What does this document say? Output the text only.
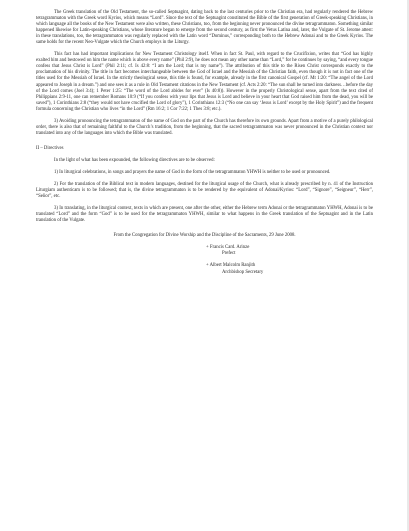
The Greek translation of the Old Testament, the so-called Septuagint, dating back to the last centuries prior to the Christian era, had regularly rendered the Hebrew tetragrammaton with the Greek word Kyrios, which means “Lord”. Since the text of the Septuagint constituted the Bible of the first generation of Greek-speaking Christians, in which language all the books of the New Testament were also written, these Christians, too, from the beginning never pronounced the divine tetragrammaton. Something similar happened likewise for Latin-speaking Christians, whose literature began to emerge from the second century, as first the Vetus Latina and, later, the Vulgate of St. Jerome attest: in these translations, too, the tetragrammaton was regularly replaced with the Latin word “Dominus,” corresponding both to the Hebrew Adonai and to the Greek Kyrios. The same holds for the recent Neo-Vulgate which the Church employs in the Liturgy.

This fact has had important implications for New Testament Christology itself. When in fact St. Paul, with regard to the Crucifixion, writes that “God has highly exalted him and bestowed on him the name which is above every name” (Phil 2:9), he does not mean any other name than “Lord,” for he continues by saying, “and every tongue confess that Jesus Christ is Lord” (Phil 2:11; cf. Is 42:8: “I am the Lord; that is my name”). The attribution of this title to the Risen Christ corresponds exactly to the proclamation of his divinity. The title in fact becomes interchangeable between the God of Israel and the Messiah of the Christian faith, even though it is not in fact one of the titles used for the Messiah of Israel. In the strictly theological sense, this title is found, for example, already in the first canonical Gospel (cf. Mt 1:20: “The angel of the Lord appeared to Joseph in a dream.”) and one sees it as a rule in Old Testament citations in the New Testament (cf. Acts 2:20: “The sun shall be turned into darkness…before the day of the Lord comes (Joel 3:4); 1 Peter 1:25: “The word of the Lord abides for ever” (Is 40:8)). However in the properly Christological sense, apart from the text cited of Philippians 2:9-11, one can remember Romans 10:9 (“If you confess with your lips that Jesus is Lord and believe in your heart that God raised him from the dead, you will be saved”), 1 Corinthians 2:8 (“they would not have crucified the Lord of glory”), 1 Corinthians 12:3 (“No one can say ‘Jesus is Lord’ except by the Holy Spirit”) and the frequent formula concerning the Christian who lives “in the Lord” (Rm 16:2; 1 Cor 7:22; 1 Thes 3:8; etc.).

3) Avoiding pronouncing the tetragrammaton of the name of God on the part of the Church has therefore its own grounds. Apart from a motive of a purely philological order, there is also that of remaining faithful to the Church’s tradition, from the beginning, that the sacred tetragrammaton was never pronounced in the Christian context nor translated into any of the languages into which the Bible was translated.

II – Directives

In the light of what has been expounded, the following directives are to be observed:

1) In liturgical celebrations, in songs and prayers the name of God in the form of the tetragrammaton YHWH is neither to be used or pronounced.

2) For the translation of the Biblical text in modern languages, destined for the liturgical usage of the Church, what is already prescribed by n. 41 of the Instruction Liturgiam authenticam is to be followed; that is, the divine tetragrammaton is to be rendered by the equivalent of Adonai/Kyrios: “Lord”, “Signore”, “Seigneur”, “Herr”, “Señor”, etc.

3) In translating, in the liturgical context, texts in which are present, one after the other, either the Hebrew term Adonai or the tetragrammaton YHWH, Adonai is to be translated “Lord” and the form “God” is to be used for the tetragrammaton YHWH, similar to what happens in the Greek translation of the Septuagint and in the Latin translation of the Vulgate.

From the Congregation for Divine Worship and the Discipline of the Sacraments, 29 June 2008.

+ Francis Card. Arinze

Prefect

+ Albert Malcolm Ranjith

Archbishop Secretary
